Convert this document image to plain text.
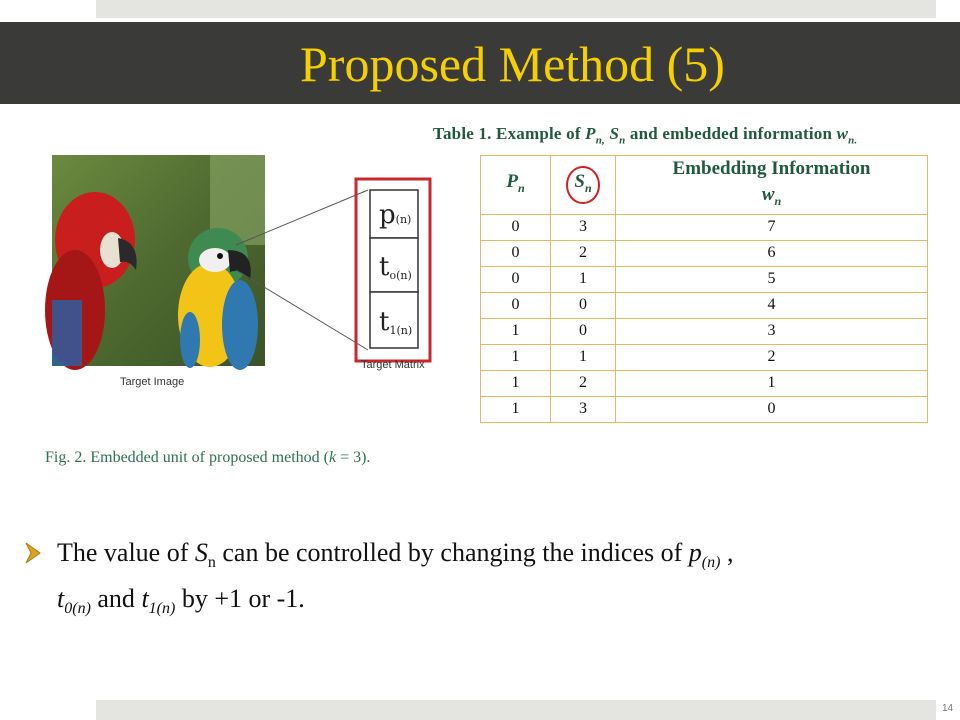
Proposed Method (5)
Table 1. Example of $P_{n,}$ $S_n$ and embedded information $w_{n.}$
Target Image
p(n)
to(n)
t1(n)
Target Matrix
Fig. 2. Embedded unit of proposed method (k = 3).
$P_n$	$S_n$	Embedding Information
$w_n$
0	3	7
0	2	6
0	1	5
0	0	4
1	0	3
1	1	2
1	2	1
1	3	0
The value of $S_n$ can be controlled by changing the indices of $p_{(n)}$ ,
$t_{0(n)}$ and $t_{1(n)}$ by +1 or -1.
14
